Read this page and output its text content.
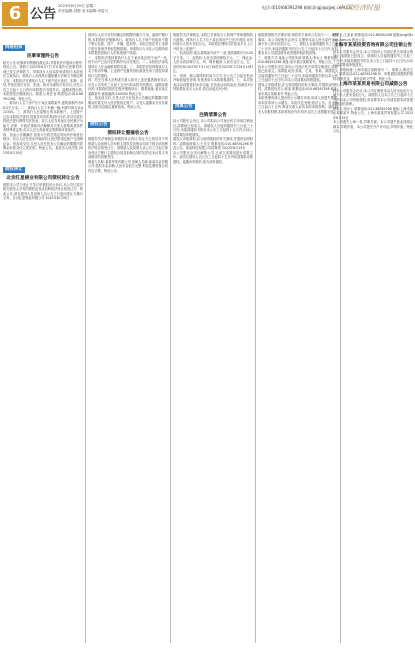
6 公告
2023年6月29日 星期二
责任编辑:刘强 美术编辑:李雷凡
电话:(010)68391298 邮箱:jingji@zjjwj.com.cn
中国经济时报
网络拍卖
民事审理终公告
相关公告:民事审判管辖权裁定(1)并将依法开展执行程序,特此公告。我院于2023年6月7日对本案作出民事判决,现已发生法律效力。申请执行人向本院申请执行,本院依法立案执行。被执行人未按执行通知履行法律文书确定的义务。本院依法对被执行人名下财产进行查封、扣押、冻结,并依法进行评估、拍卖。如对本案执行有异议,可在公告之日起十五日内向本院提出书面异议。逾期未提出的,本院将依法继续执行。联系人:张法官 联系电话:010-68391298。特此公告。
一、被执行人名下房产位于某区某路某号,建筑面积约为96.5平方米。二、被执行人名下车辆一辆,车牌号码为京A12345。三、被执行人在某银行的存款账户。上述财产已由本院依法查封,现委托评估机构进行评估,评估完成后将依法进行网络司法拍卖。竞买人应当具备完全民事行为能力,法律、行政法规和司法解释对买受人资格或者条件有特殊规定的,竞买人应当具备规定的资格或者条件。
四、拍卖公告期满后,拍卖平台将在指定时间内开始竞价程序。竞买人应在拍卖开始前向人民法院指定账户交纳保证金。拍卖成交后,买受人应在拍卖公告确定的期限内将剩余价款交付人民法院。特此公告。某某市人民法院 2023年6月29日
债权转让
北京红星棉业有限公司债权转让公告
根据本公司与受让方签订的债权转让协议,本公司已将对相关债务人享有的债权及其从权利依法转让给受让方。特此公告,请各债务人及担保人自公告之日起向受让方履行义务。北京红星棉业有限公司 2023年6月29日
被执行人应当在判决确定的期限内履行义务。逾期不履行的,本院将依法强制执行。被执行人名下财产包括但不限于银行存款、房产、车辆、股权等。本院已依法对上述财产进行查询并采取控制措施。申请执行人可在公告期内向本院提供被执行人的其他财产线索。
一、本院依法查封被执行人位于某市某区的不动产一处,该不动产已由评估机构作出评估报告。二、本院依法冻结被执行人在金融机构的存款。三、本院依法扣押被执行人名下机动车辆。上述财产处置所得价款优先用于清偿申请执行人的债权。
四、有关当事人及利害关系人如对上述处置措施有异议,可自公告发布之日起十五日内向本院书面提出。逾期未提出的,本院将依照法定程序继续执行。联系地址:某市某区某路某号 邮政编码:100000 特此公告。
五、拍卖成交后,买受人应当在拍卖公告确定的期限内将剩余价款交付人民法院指定账户。买受人逾期未支付价款的,本院可以裁定重新拍卖。特此公告。
债权公告
债权转让暨催收公告
根据有关法律规定和债权转让协议,转让方已将其对下列借款人及担保人享有的主债权及担保合同项下的全部权利依法转让给受让方。请借款人及担保人从公告之日起立即向受让方履行主债权合同及担保合同约定的还本付息义务或相应的担保责任。
借款人名称:某某贸易有限公司 担保人名称:某某实业有限公司 债权本金余额:人民币壹佰万元整 利息及费用按合同约定计算。特此公告。
根据有关法律规定,本院已对被执行人的财产采取强制执行措施。被执行人名下位于某区的房产已依法查封,评估价格为人民币叁佰万元。本院将在网络司法拍卖平台上公开拍卖上述财产。
一、拍卖标的:某区某路某号房产一套,建筑面积约为120平方米。二、起拍价:人民币贰佰肆拾万元。三、保证金:人民币贰拾肆万元。四、增价幅度:人民币壹万元。五、竞价时间:2023年7月15日10时至2023年7月16日10时止。
六、咨询、展示看样的时间与方式:自公告之日起至拍卖开始前接受咨询,有意者请与本院联系看样。七、本次拍卖活动设置延时出价功能,在拍卖活动结束前,每最后5分钟如果有竞买人出价,将自动延迟5分钟。
清算公告
注销清算公告
经公司股东会决议,本公司拟向公司登记机关申请注销登记,清算组已经成立。请债权人自接到通知书之日起三十日内,未接到通知书的自本公告之日起四十五日内,向本公司清算组申报债权。
债权人申报债权,应当说明债权的有关事项,并提供证明材料。清算组联系人:王先生 联系电话:010-68391298 特此公告。某某科技有限公司清算组 2023年6月29日
本公司股东会决议解散公司,已成立清算组进行清算工作。请各位债权人自公告之日起四十五日内向清算组申报债权。逾期未申报的,视为放弃债权。
根据我国相关法律法规,现将有关事项公告如下:一、减资事项。本公司经股东会决议,注册资本由人民币壹仟万元减少至人民币伍佰万元。二、债权人自接到通知书之日起三十日内,未接到通知书的自公告之日起四十五日内,有权要求本公司清偿债务或者提供相应的担保。
三、联系方式:某某公司财务部 联系人:李女士 联系电话:010-68391298 地址:某市某区某路某号。特此公告。
经本公司股东决定,拟向公司登记机关申请注销登记,清算组已经成立。清算组成员:张某、王某、李某。请债权人自接到通知书之日起三十日内,未接到通知书的自本公告之日起四十五日内,向本公司清算组申报债权。
债权人申报债权,应当说明债权的有关事项,并提供证明材料。清算组负责人:张某 联系电话:010-68391298 地址:某市某区某路某号 特此公告。
本院受理申请人提出的公示催告申请,申请人因遗失票据,向本院申请公示催告。本院决定受理,依法公告。自公告之日起六十日内,利害关系人应向本院申报权利。届时如无人申报权利,本院将依法作出判决,宣告上述票据无效。
联系人:王某某 联系电话:010-68391298 邮箱:jingji@zjjwj.com.cn 特此公告。
上海市某某投资咨询有限公司注销公告
经本公司股东会决议,本公司拟向公司登记机关申请注销登记,清算组已经成立。请债权人自接到通知书之日起三十日内,未接到通知书的自本公告之日起四十五日内,向本公司清算组申报债权。
一、申报地址:上海市某区某路某号 二、联系人:陈先生 三、联系电话:021-68391298 四、申报债权须提供的资料:债权凭证、身份证明文件等。特此公告。
上海市某某贸易有限公司减资公告
经本公司股东会决议,本公司注册资本由人民币伍佰万元减少至人民币壹佰万元。请债权人自本公告之日起四十五日内向本公司申报债权,有权要求本公司清偿债务或者提供相应的担保。
联系人:刘女士 联系电话:021-68391298 地址:上海市某区某路某号 特此公告。上海市某某贸易有限公司 2023年6月29日
本公司遗失公章一枚,声明作废。本公司遗失营业执照正副本,声明作废。本公司遗失开户许可证,声明作废。特此公告。
